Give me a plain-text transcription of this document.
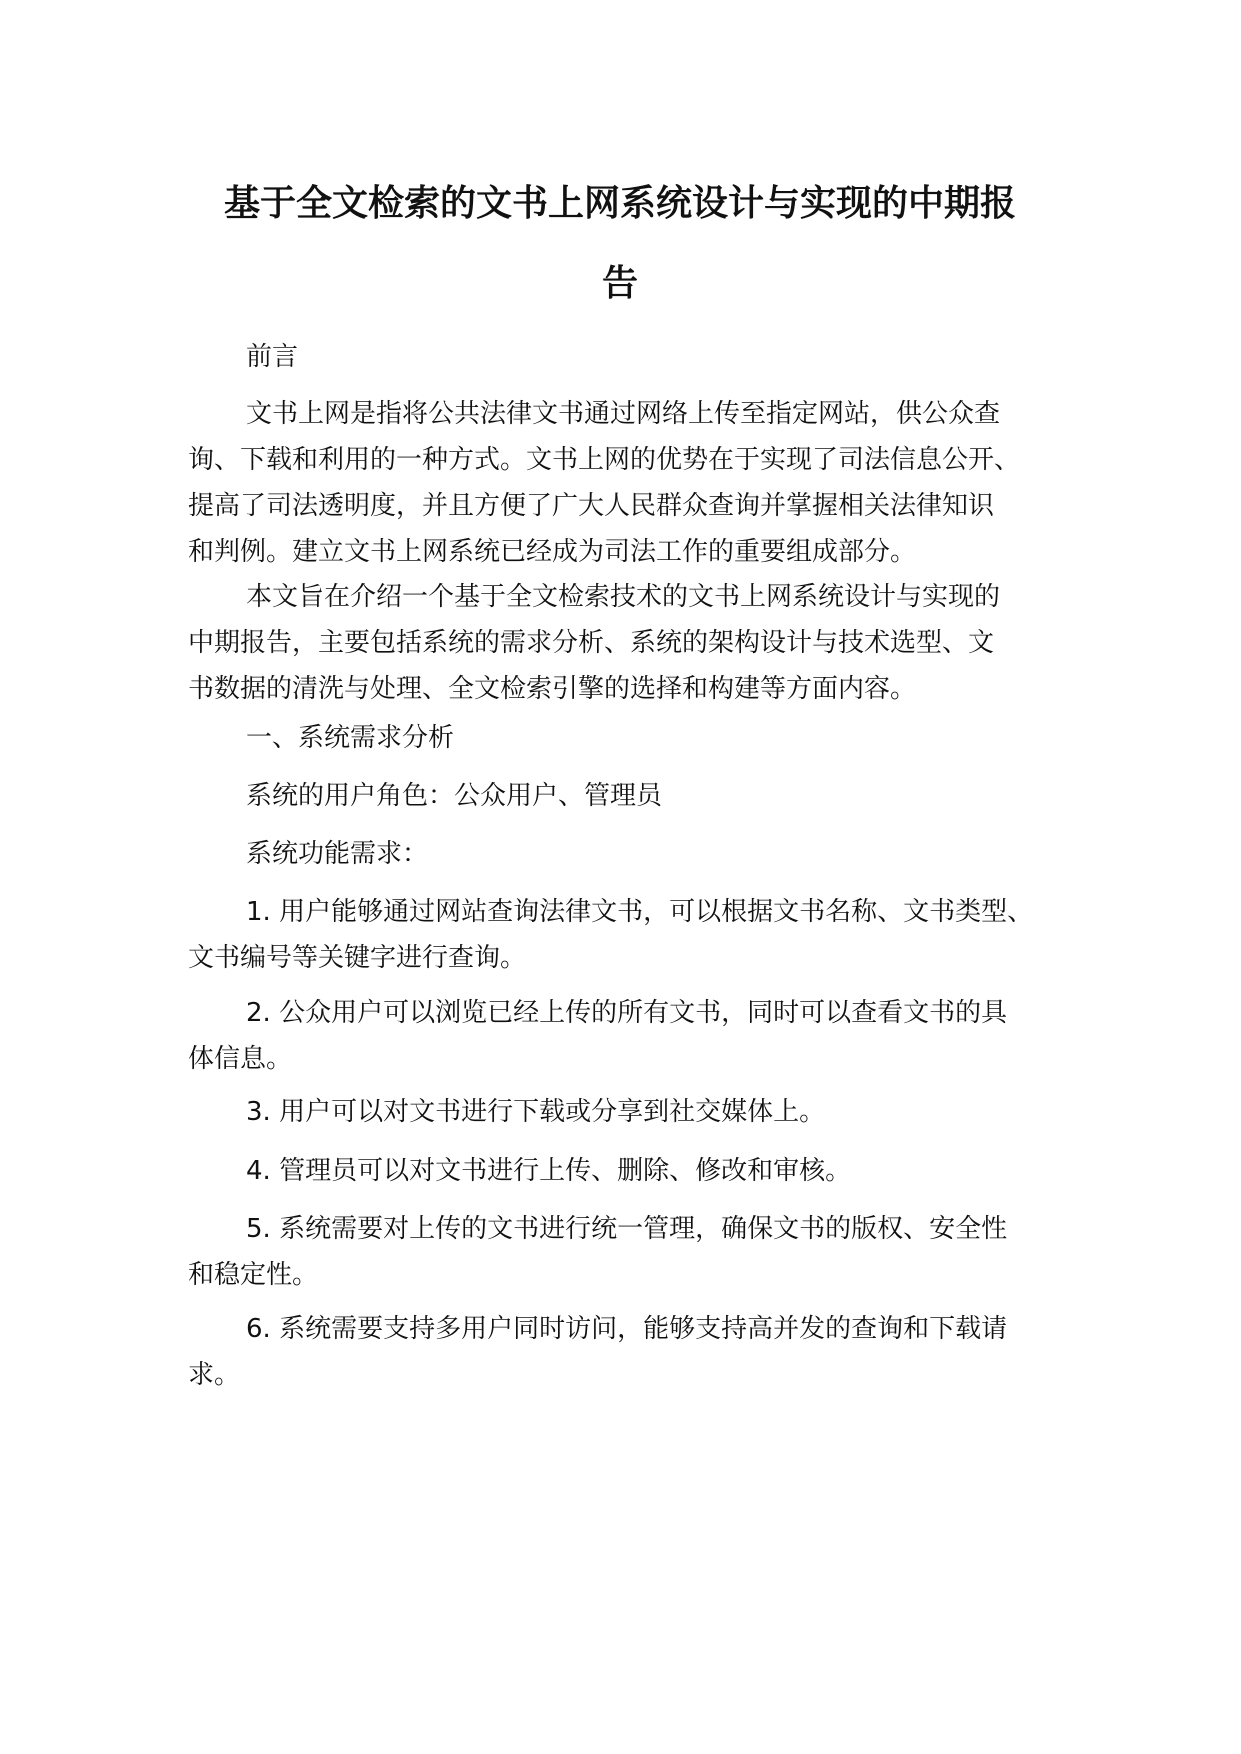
基于全文检索的文书上网系统设计与实现的中期报
告

前言

文书上网是指将公共法律文书通过网络上传至指定网站，供公众查
询、下载和利用的一种方式。文书上网的优势在于实现了司法信息公开、
提高了司法透明度，并且方便了广大人民群众查询并掌握相关法律知识
和判例。建立文书上网系统已经成为司法工作的重要组成部分。

本文旨在介绍一个基于全文检索技术的文书上网系统设计与实现的
中期报告，主要包括系统的需求分析、系统的架构设计与技术选型、文
书数据的清洗与处理、全文检索引擎的选择和构建等方面内容。

一、系统需求分析

系统的用户角色：公众用户、管理员

系统功能需求：

1. 用户能够通过网站查询法律文书，可以根据文书名称、文书类型、
文书编号等关键字进行查询。

2. 公众用户可以浏览已经上传的所有文书，同时可以查看文书的具
体信息。

3. 用户可以对文书进行下载或分享到社交媒体上。

4. 管理员可以对文书进行上传、删除、修改和审核。

5. 系统需要对上传的文书进行统一管理，确保文书的版权、安全性
和稳定性。

6. 系统需要支持多用户同时访问，能够支持高并发的查询和下载请
求。
